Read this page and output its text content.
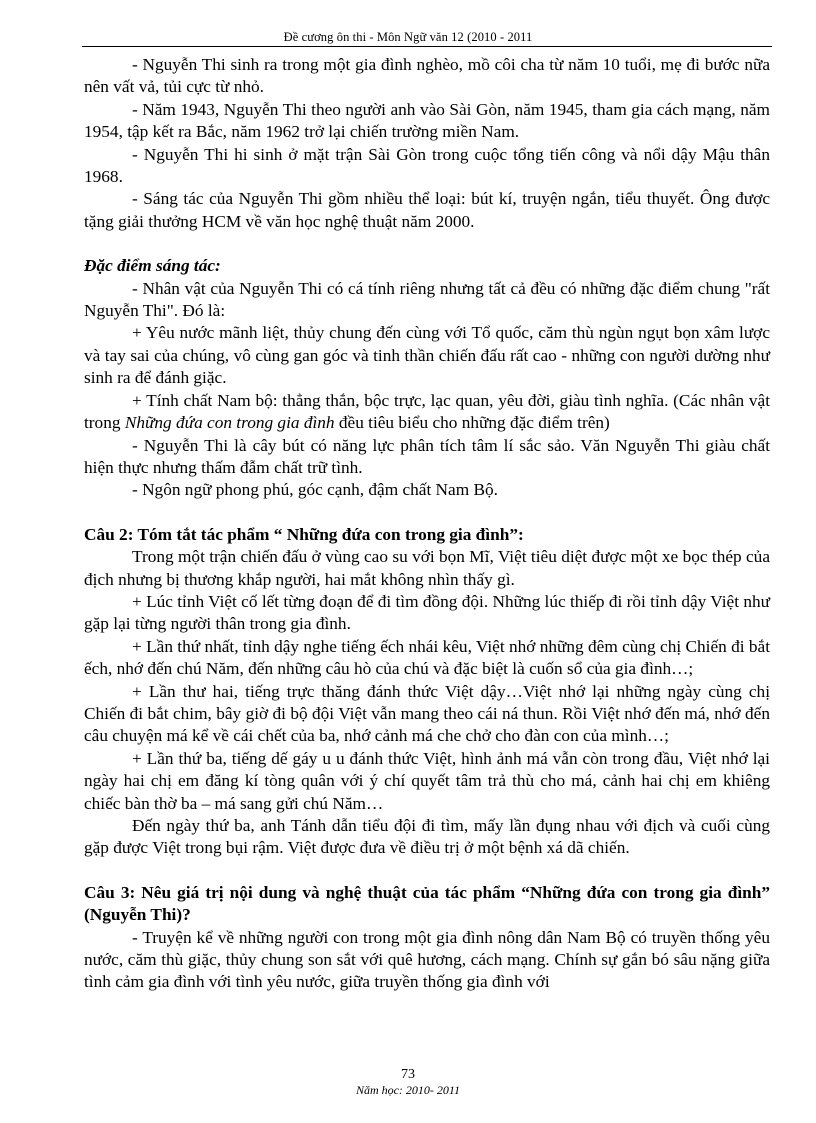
Đề cương ôn thi - Môn Ngữ văn 12 (2010 - 2011

- Nguyễn Thi sinh ra trong một gia đình nghèo, mồ côi cha từ năm 10 tuổi, mẹ đi bước nữa nên vất vả, tủi cực từ nhỏ.

- Năm 1943, Nguyễn Thi theo người anh vào Sài Gòn, năm 1945, tham gia cách mạng, năm 1954, tập kết ra Bắc, năm 1962 trở lại chiến trường miền Nam.

- Nguyễn Thi hi sinh ở mặt trận Sài Gòn trong cuộc tổng tiến công và nổi dậy Mậu thân 1968.

- Sáng tác của Nguyễn Thi gồm nhiều thể loại: bút kí, truyện ngắn, tiểu thuyết. Ông được tặng giải thưởng HCM về văn học nghệ thuật năm 2000.

Đặc điểm sáng tác:

- Nhân vật của Nguyễn Thi có cá tính riêng nhưng tất cả đều có những đặc điểm chung "rất Nguyễn Thi". Đó là:

+ Yêu nước mãnh liệt, thủy chung đến cùng với Tổ quốc, căm thù ngùn ngụt bọn xâm lược và tay sai của chúng, vô cùng gan góc và tinh thần chiến đấu rất cao - những con người dường như sinh ra để đánh giặc.

+ Tính chất Nam bộ: thẳng thắn, bộc trực, lạc quan, yêu đời, giàu tình nghĩa. (Các nhân vật trong Những đứa con trong gia đình đều tiêu biểu cho những đặc điểm trên)

- Nguyễn Thi là cây bút có năng lực phân tích tâm lí sắc sảo. Văn Nguyễn Thi giàu chất hiện thực nhưng thấm đẫm chất trữ tình.

- Ngôn ngữ phong phú, góc cạnh, đậm chất Nam Bộ.

Câu 2: Tóm tắt tác phẩm “ Những đứa con trong gia đình”:

Trong một trận chiến đấu ở vùng cao su với bọn Mĩ, Việt tiêu diệt được một xe bọc thép của địch nhưng bị thương khắp người, hai mắt không nhìn thấy gì.

+ Lúc tỉnh Việt cố lết từng đoạn để đi tìm đồng đội. Những lúc thiếp đi rồi tỉnh dậy Việt như gặp lại từng người thân trong gia đình.

+ Lần thứ nhất, tỉnh dậy nghe tiếng ếch nhái kêu, Việt nhớ những đêm cùng chị Chiến đi bắt ếch, nhớ đến chú Năm, đến những câu hò của chú và đặc biệt là cuốn sổ của gia đình…;

+ Lần thư hai, tiếng trực thăng đánh thức Việt dậy…Việt nhớ lại những ngày cùng chị Chiến đi bắt chim, bây giờ đi bộ đội Việt vẫn mang theo cái ná thun. Rồi Việt nhớ đến má, nhớ đến câu chuyện má kể về cái chết của ba, nhớ cảnh má che chở cho đàn con của mình…;

+ Lần thứ ba, tiếng dế gáy u u đánh thức Việt, hình ảnh má vẫn còn trong đầu, Việt nhớ lại ngày hai chị em đăng kí tòng quân với ý chí quyết tâm trả thù cho má, cảnh hai chị em khiêng chiếc bàn thờ ba – má sang gửi chú Năm…

Đến ngày thứ ba, anh Tánh dẫn tiểu đội đi tìm, mấy lần đụng nhau với địch và cuối cùng gặp được Việt trong bụi rậm. Việt được đưa về điều trị ở một bệnh xá dã chiến.

Câu 3: Nêu giá trị nội dung và nghệ thuật của tác phẩm “Những đứa con trong gia đình” (Nguyễn Thi)?

- Truyện kể về những người con trong một gia đình nông dân Nam Bộ có truyền thống yêu nước, căm thù giặc, thủy chung son sắt với quê hương, cách mạng. Chính sự gắn bó sâu nặng giữa tình cảm gia đình với tình yêu nước, giữa truyền thống gia đình với

73
Năm học: 2010- 2011
